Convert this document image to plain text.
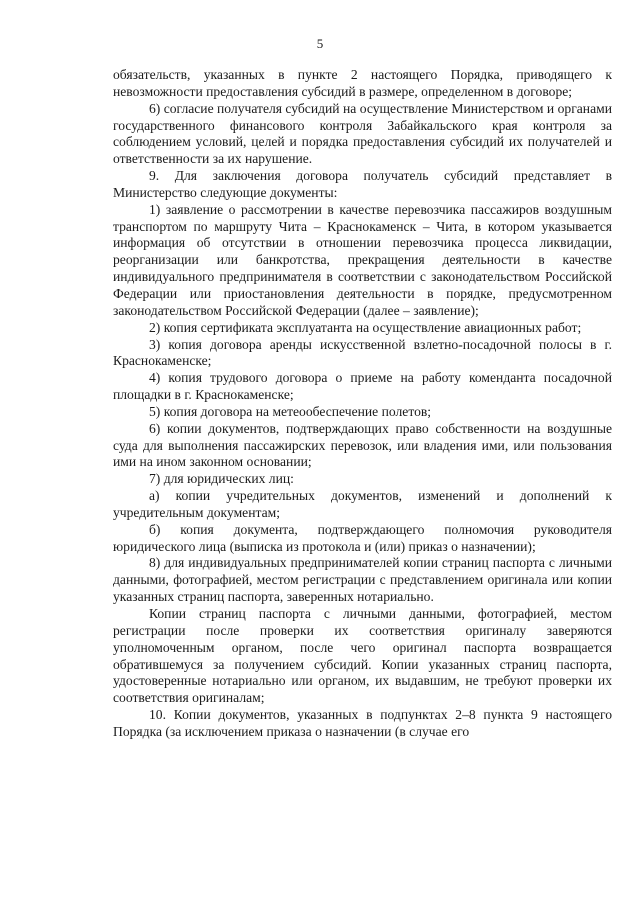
5

обязательств, указанных в пункте 2 настоящего Порядка, приводящего к невозможности предоставления субсидий в размере, определенном в договоре;

6) согласие получателя субсидий на осуществление Министерством и органами государственного финансового контроля Забайкальского края контроля за соблюдением условий, целей и порядка предоставления субсидий их получателей и ответственности за их нарушение.

9. Для заключения договора получатель субсидий представляет в Министерство следующие документы:

1) заявление о рассмотрении в качестве перевозчика пассажиров воздушным транспортом по маршруту Чита – Краснокаменск – Чита, в котором указывается информация об отсутствии в отношении перевозчика процесса ликвидации, реорганизации или банкротства, прекращения деятельности в качестве индивидуального предпринимателя в соответствии с законодательством Российской Федерации или приостановления деятельности в порядке, предусмотренном законодательством Российской Федерации (далее – заявление);

2) копия сертификата эксплуатанта на осуществление авиационных работ;

3) копия договора аренды искусственной взлетно-посадочной полосы в г. Краснокаменске;

4) копия трудового договора о приеме на работу коменданта посадочной площадки в г. Краснокаменске;

5) копия договора на метеообеспечение полетов;

6) копии документов, подтверждающих право собственности на воздушные суда для выполнения пассажирских перевозок, или владения ими, или пользования ими на ином законном основании;

7) для юридических лиц:

а) копии учредительных документов, изменений и дополнений к учредительным документам;

б) копия документа, подтверждающего полномочия руководителя юридического лица (выписка из протокола и (или) приказ о назначении);

8) для индивидуальных предпринимателей копии страниц паспорта с личными данными, фотографией, местом регистрации с представлением оригинала или копии указанных страниц паспорта, заверенных нотариально.

Копии страниц паспорта с личными данными, фотографией, местом регистрации после проверки их соответствия оригиналу заверяются уполномоченным органом, после чего оригинал паспорта возвращается обратившемуся за получением субсидий. Копии указанных страниц паспорта, удостоверенные нотариально или органом, их выдавшим, не требуют проверки их соответствия оригиналам;

10. Копии документов, указанных в подпунктах 2–8 пункта 9 настоящего Порядка (за исключением приказа о назначении (в случае его
